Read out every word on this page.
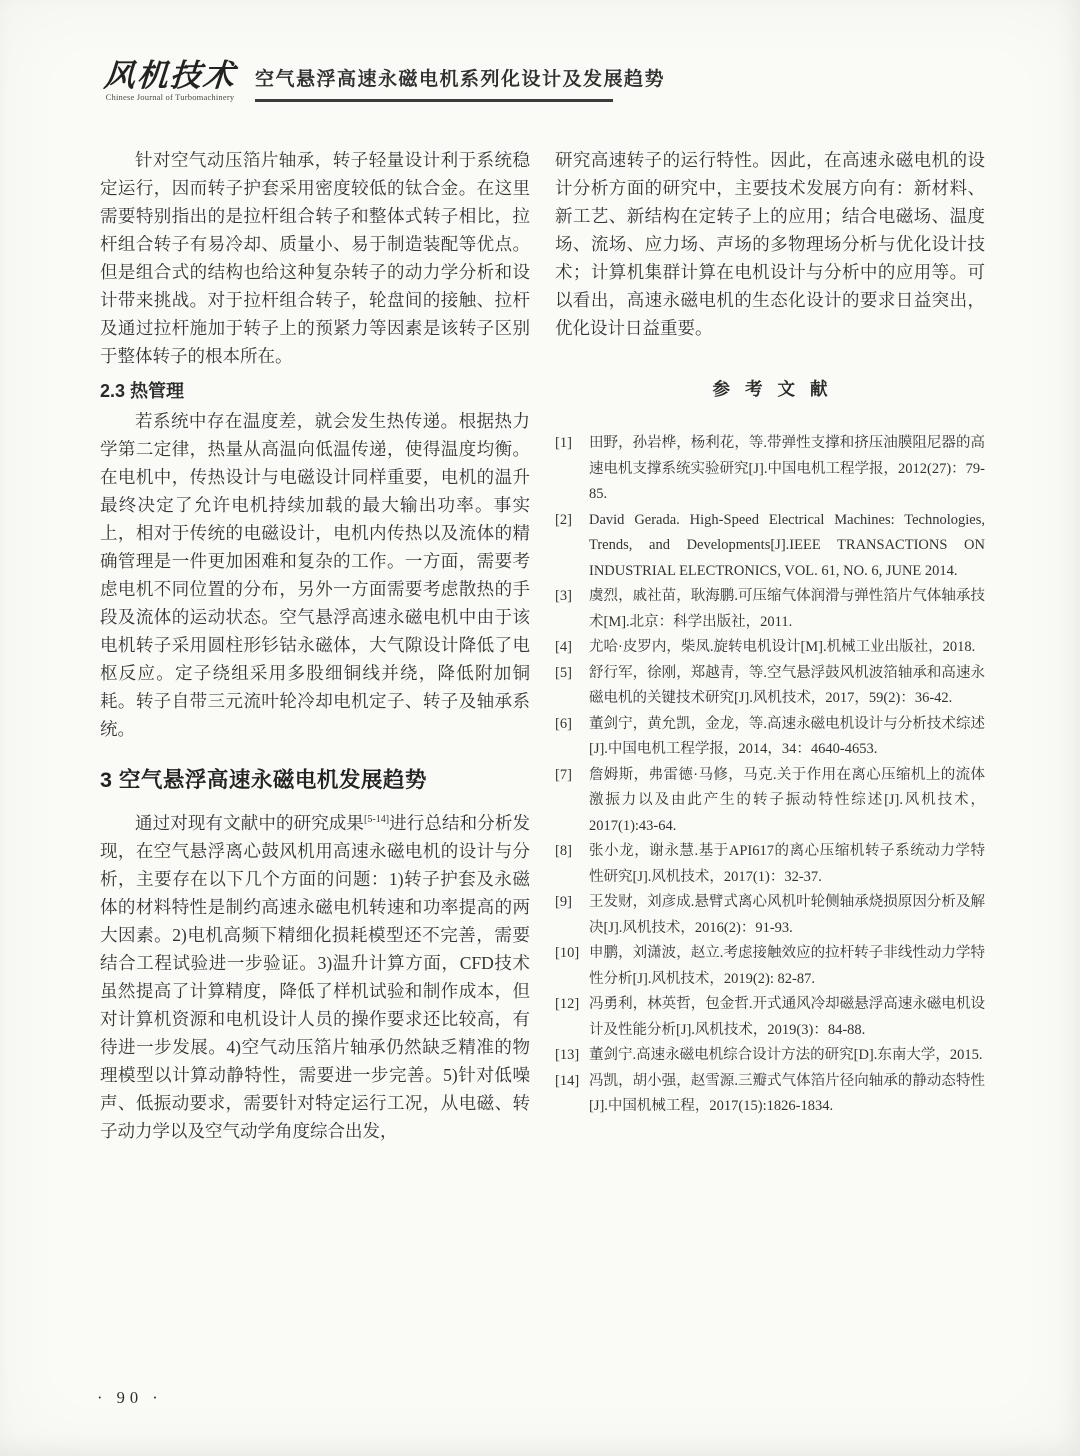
风机技术
Chinese Journal of Turbomachinery
空气悬浮高速永磁电机系列化设计及发展趋势

针对空气动压箔片轴承，转子轻量设计利于系统稳定运行，因而转子护套采用密度较低的钛合金。在这里需要特别指出的是拉杆组合转子和整体式转子相比，拉杆组合转子有易冷却、质量小、易于制造装配等优点。但是组合式的结构也给这种复杂转子的动力学分析和设计带来挑战。对于拉杆组合转子，轮盘间的接触、拉杆及通过拉杆施加于转子上的预紧力等因素是该转子区别于整体转子的根本所在。

2.3 热管理

若系统中存在温度差，就会发生热传递。根据热力学第二定律，热量从高温向低温传递，使得温度均衡。在电机中，传热设计与电磁设计同样重要，电机的温升最终决定了允许电机持续加载的最大输出功率。事实上，相对于传统的电磁设计，电机内传热以及流体的精确管理是一件更加困难和复杂的工作。一方面，需要考虑电机不同位置的分布，另外一方面需要考虑散热的手段及流体的运动状态。空气悬浮高速永磁电机中由于该电机转子采用圆柱形钐钴永磁体，大气隙设计降低了电枢反应。定子绕组采用多股细铜线并绕，降低附加铜耗。转子自带三元流叶轮冷却电机定子、转子及轴承系统。

3 空气悬浮高速永磁电机发展趋势

通过对现有文献中的研究成果[5-14]进行总结和分析发现，在空气悬浮离心鼓风机用高速永磁电机的设计与分析，主要存在以下几个方面的问题：1)转子护套及永磁体的材料特性是制约高速永磁电机转速和功率提高的两大因素。2)电机高频下精细化损耗模型还不完善，需要结合工程试验进一步验证。3)温升计算方面，CFD技术虽然提高了计算精度，降低了样机试验和制作成本，但对计算机资源和电机设计人员的操作要求还比较高，有待进一步发展。4)空气动压箔片轴承仍然缺乏精准的物理模型以计算动静特性，需要进一步完善。5)针对低噪声、低振动要求，需要针对特定运行工况，从电磁、转子动力学以及空气动学角度综合出发，

研究高速转子的运行特性。因此，在高速永磁电机的设计分析方面的研究中，主要技术发展方向有：新材料、新工艺、新结构在定转子上的应用；结合电磁场、温度场、流场、应力场、声场的多物理场分析与优化设计技术；计算机集群计算在电机设计与分析中的应用等。可以看出，高速永磁电机的生态化设计的要求日益突出，优化设计日益重要。

参考文献
[1]	田野，孙岩桦，杨利花，等.带弹性支撑和挤压油膜阻尼器的高速电机支撑系统实验研究[J].中国电机工程学报，2012(27)：79-85.
[2]	David Gerada. High-Speed Electrical Machines: Technologies, Trends, and Developments[J].IEEE TRANSACTIONS ON INDUSTRIAL ELECTRONICS, VOL. 61, NO. 6, JUNE 2014.
[3]	虞烈，戚社苗，耿海鹏.可压缩气体润滑与弹性箔片气体轴承技术[M].北京：科学出版社，2011.
[4]	尤哈·皮罗内，柴凤.旋转电机设计[M].机械工业出版社，2018.
[5]	舒行军，徐刚，郑越青，等.空气悬浮鼓风机波箔轴承和高速永磁电机的关键技术研究[J].风机技术，2017，59(2)：36-42.
[6]	董剑宁，黄允凯，金龙，等.高速永磁电机设计与分析技术综述[J].中国电机工程学报，2014，34：4640-4653.
[7]	詹姆斯，弗雷德·马修，马克.关于作用在离心压缩机上的流体激振力以及由此产生的转子振动特性综述[J].风机技术，2017(1):43-64.
[8]	张小龙，谢永慧.基于API617的离心压缩机转子系统动力学特性研究[J].风机技术，2017(1)：32-37.
[9]	王发财，刘彦成.悬臂式离心风机叶轮侧轴承烧损原因分析及解决[J].风机技术，2016(2)：91-93.
[10] 申鹏，刘潇波，赵立.考虑接触效应的拉杆转子非线性动力学特性分析[J].风机技术，2019(2): 82-87.
[12] 冯勇利，林英哲，包金哲.开式通风冷却磁悬浮高速永磁电机设计及性能分析[J].风机技术，2019(3)：84-88.
[13] 董剑宁.高速永磁电机综合设计方法的研究[D].东南大学，2015.
[14] 冯凯，胡小强，赵雪源.三瓣式气体箔片径向轴承的静动态特性[J].中国机械工程，2017(15):1826-1834.
· 90 ·
